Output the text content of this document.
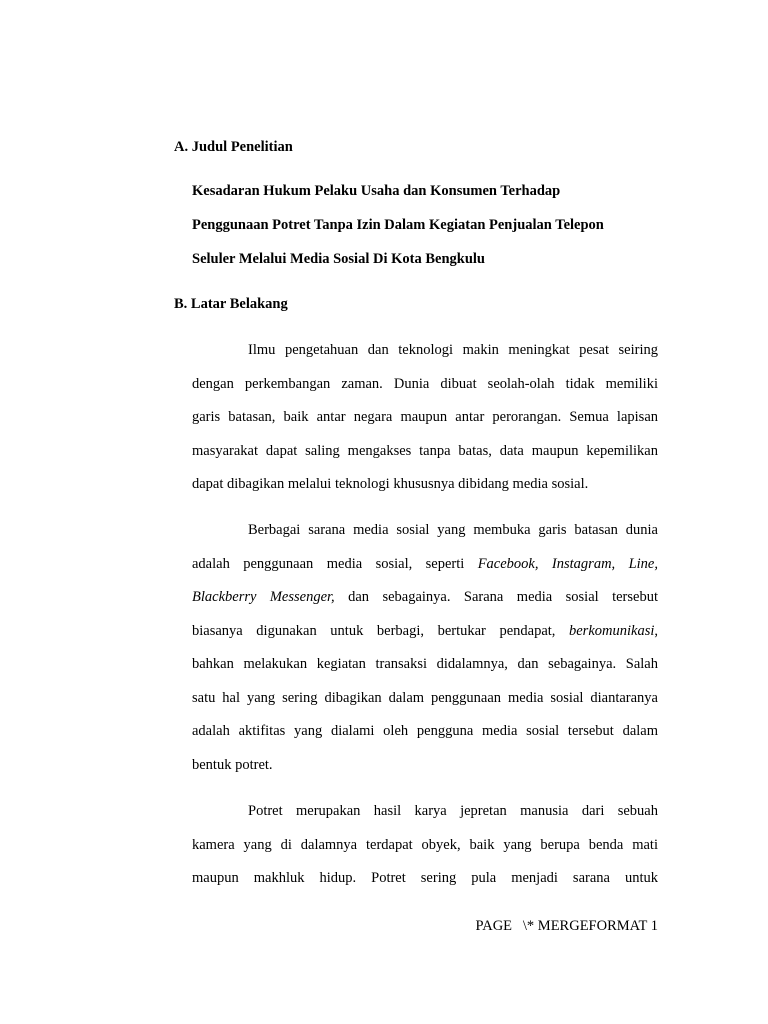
A. Judul Penelitian

Kesadaran Hukum Pelaku Usaha dan Konsumen Terhadap

Penggunaan Potret Tanpa Izin Dalam Kegiatan Penjualan Telepon

Seluler Melalui Media Sosial Di Kota Bengkulu

B. Latar Belakang

Ilmu pengetahuan dan teknologi makin meningkat pesat seiring

dengan perkembangan zaman. Dunia dibuat seolah-olah tidak memiliki

garis batasan, baik antar negara maupun antar perorangan. Semua lapisan

masyarakat dapat saling mengakses tanpa batas, data maupun kepemilikan

dapat dibagikan melalui teknologi khususnya dibidang media sosial.

Berbagai sarana media sosial yang membuka garis batasan dunia

adalah penggunaan media sosial, seperti Facebook, Instagram, Line,

Blackberry Messenger, dan sebagainya. Sarana media sosial tersebut

biasanya digunakan untuk berbagi, bertukar pendapat, berkomunikasi,

bahkan melakukan kegiatan transaksi didalamnya, dan sebagainya. Salah

satu hal yang sering dibagikan dalam penggunaan media sosial diantaranya

adalah aktifitas yang dialami oleh pengguna media sosial tersebut dalam

bentuk potret.

Potret merupakan hasil karya jepretan manusia dari sebuah

kamera yang di dalamnya terdapat obyek, baik yang berupa benda mati

maupun makhluk hidup. Potret sering pula menjadi sarana untuk

PAGE   \* MERGEFORMAT 1
